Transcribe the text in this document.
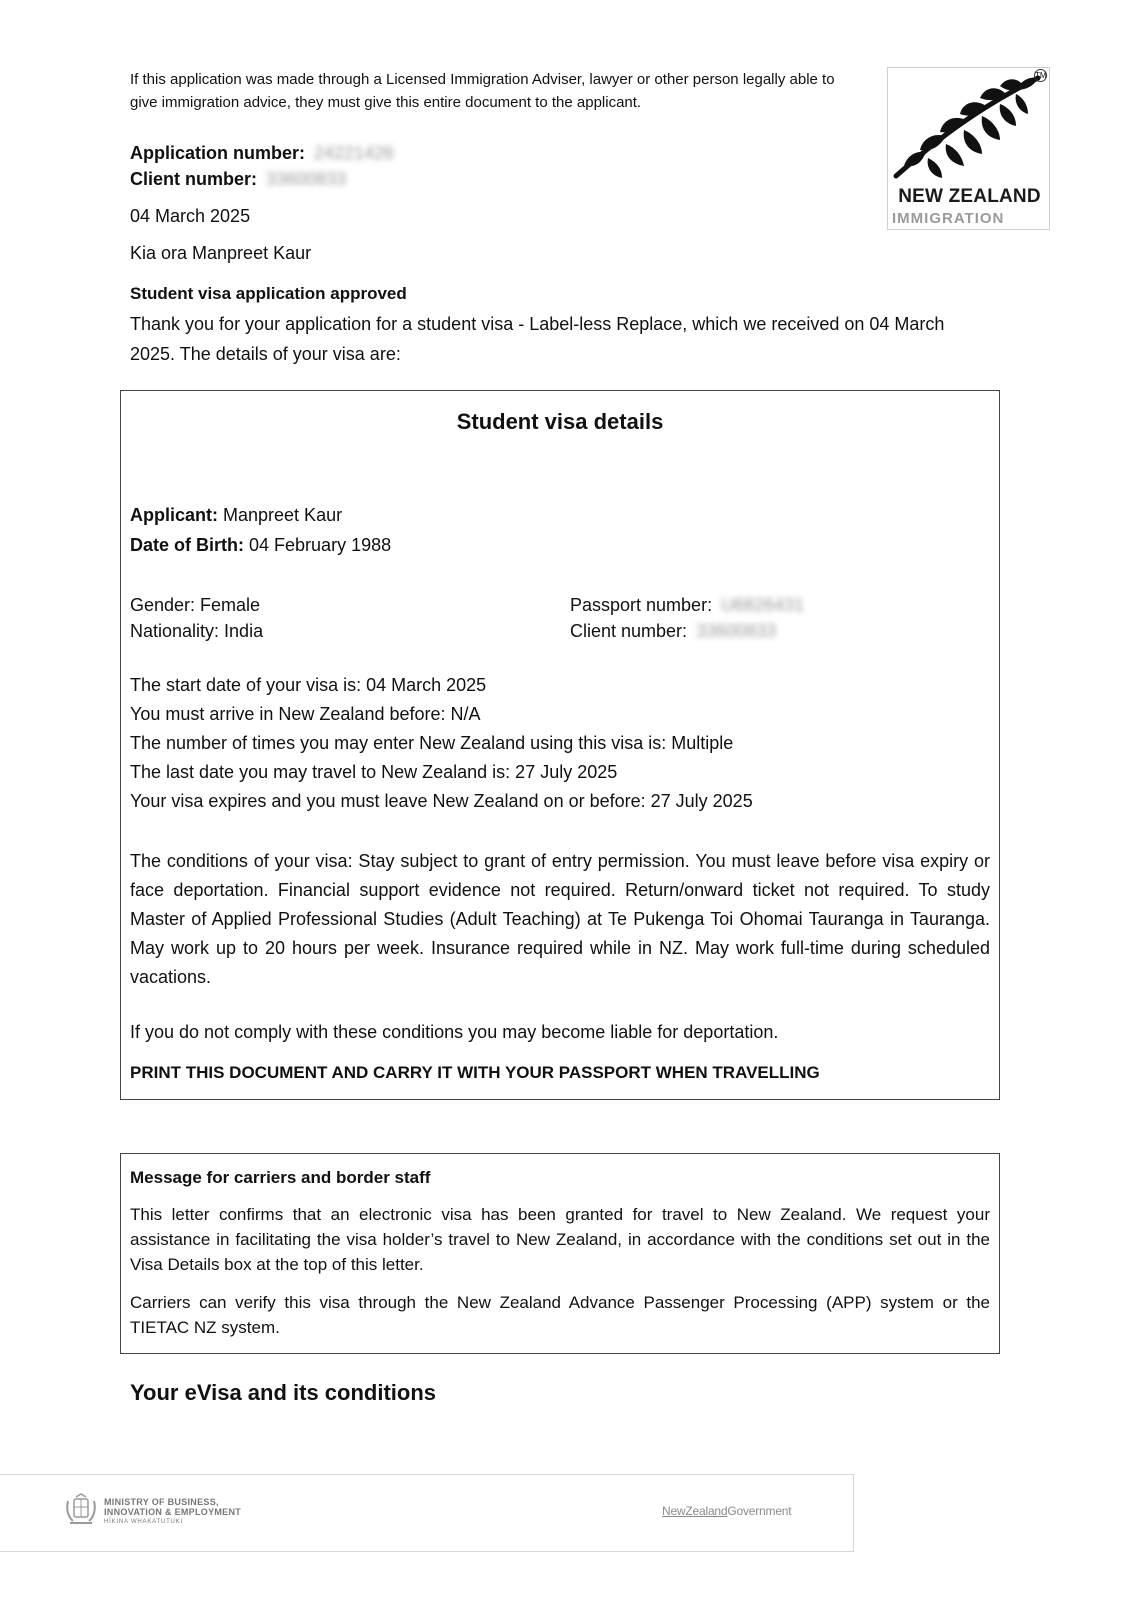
If this application was made through a Licensed Immigration Adviser, lawyer or other person legally able to give immigration advice, they must give this entire document to the applicant.
TM
NEW ZEALAND
IMMIGRATION
Application number: 24221426
Client number: 33600833
04 March 2025
Kia ora Manpreet Kaur
Student visa application approved
Thank you for your application for a student visa - Label-less Replace, which we received on 04 March 2025. The details of your visa are:
Student visa details
Applicant: Manpreet Kaur
Date of Birth: 04 February 1988
Gender: Female
Nationality: India
Passport number: U6826431
Client number: 33600833
The start date of your visa is: 04 March 2025
You must arrive in New Zealand before: N/A
The number of times you may enter New Zealand using this visa is: Multiple
The last date you may travel to New Zealand is: 27 July 2025
Your visa expires and you must leave New Zealand on or before: 27 July 2025
The conditions of your visa: Stay subject to grant of entry permission. You must leave before visa expiry or face deportation. Financial support evidence not required. Return/onward ticket not required. To study Master of Applied Professional Studies (Adult Teaching) at Te Pukenga Toi Ohomai Tauranga in Tauranga. May work up to 20 hours per week. Insurance required while in NZ. May work full-time during scheduled vacations.
If you do not comply with these conditions you may become liable for deportation.
PRINT THIS DOCUMENT AND CARRY IT WITH YOUR PASSPORT WHEN TRAVELLING
Message for carriers and border staff
This letter confirms that an electronic visa has been granted for travel to New Zealand. We request your assistance in facilitating the visa holder’s travel to New Zealand, in accordance with the conditions set out in the Visa Details box at the top of this letter.
Carriers can verify this visa through the New Zealand Advance Passenger Processing (APP) system or the TIETAC NZ system.
Your eVisa and its conditions
MINISTRY OF BUSINESS,
INNOVATION & EMPLOYMENT
HĪKINA WHAKATUTUKI
NewZealandGovernment
